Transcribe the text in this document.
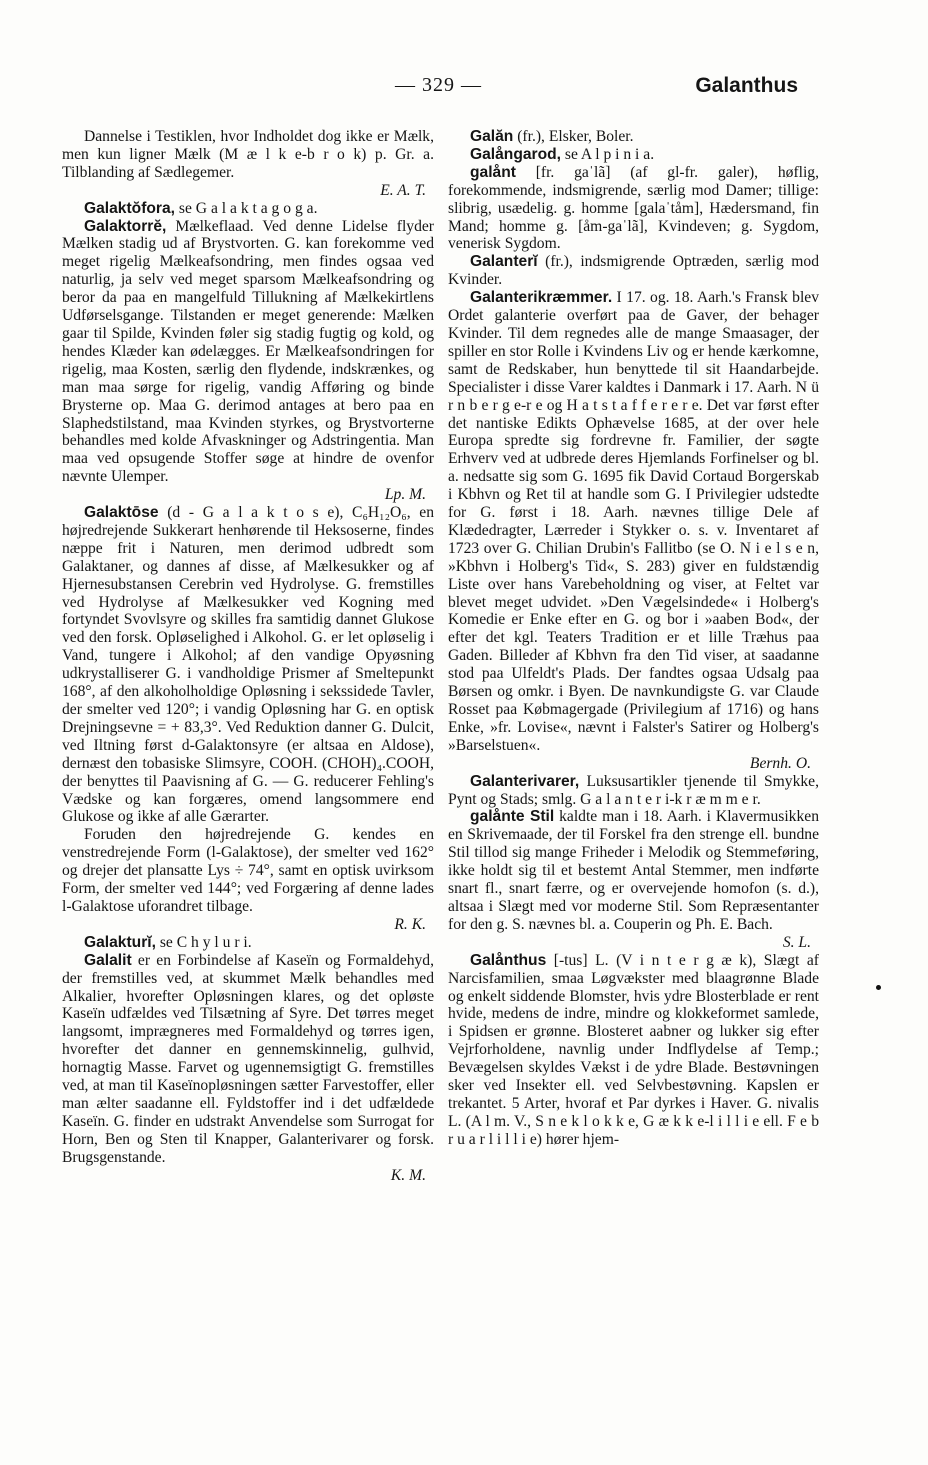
— 329 —	Galanthus

Dannelse i Testiklen, hvor Indholdet dog ikke er Mælk, men kun ligner Mælk (M æ l k e-b r o k) p. Gr. a. Tilblanding af Sædlegemer.
E. A. T.

Galaktŏfora, se G a l a k t a g o g a.

Galaktorrĕ, Mælkeflaad. Ved denne Lidelse flyder Mælken stadig ud af Brystvorten. G. kan forekomme ved meget rigelig Mælkeafsondring, men findes ogsaa ved naturlig, ja selv ved meget sparsom Mælkeafsondring og beror da paa en mangelfuld Tillukning af Mælkekirtlens Udførselsgange. Tilstanden er meget generende: Mælken gaar til Spilde, Kvinden føler sig stadig fugtig og kold, og hendes Klæder kan ødelægges. Er Mælkeafsondringen for rigelig, maa Kosten, særlig den flydende, indskrænkes, og man maa sørge for rigelig, vandig Afføring og binde Brysterne op. Maa G. derimod antages at bero paa en Slaphedstilstand, maa Kvinden styrkes, og Brystvorterne behandles med kolde Afvaskninger og Adstringentia. Man maa ved opsugende Stoffer søge at hindre de ovenfor nævnte Ulemper.
Lp. M.

Galaktōse (d - G a l a k t o s e), C₆H₁₂O₆, en højredrejende Sukkerart henhørende til Heksoserne, findes næppe frit i Naturen, men derimod udbredt som Galaktaner, og dannes af disse, af Mælkesukker og af Hjernesubstansen Cerebrin ved Hydrolyse. G. fremstilles ved Hydrolyse af Mælkesukker ved Kogning med fortyndet Svovlsyre og skilles fra samtidig dannet Glukose ved den forsk. Opløselighed i Alkohol. G. er let opløselig i Vand, tungere i Alkohol; af den vandige Opyøsning udkrystalliserer G. i vandholdige Prismer af Smeltepunkt 168°, af den alkoholholdige Opløsning i sekssidede Tavler, der smelter ved 120°; i vandig Opløsning har G. en optisk Drejningsevne = + 83,3°. Ved Reduktion danner G. Dulcit, ved Iltning først d-Galaktonsyre (er altsaa en Aldose), dernæst den tobasiske Slimsyre, COOH. (CHOH)₄.COOH, der benyttes til Paavisning af G. — G. reducerer Fehling's Vædske og kan forgæres, omend langsommere end Glukose og ikke af alle Gærarter.

Foruden den højredrejende G. kendes en venstredrejende Form (l-Galaktose), der smelter ved 162° og drejer det plansatte Lys ÷ 74°, samt en optisk uvirksom Form, der smelter ved 144°; ved Forgæring af denne lades l-Galaktose uforandret tilbage.
R. K.

Galakturĭ, se C h y l u r i.

Galalit er en Forbindelse af Kaseïn og Formaldehyd, der fremstilles ved, at skummet Mælk behandles med Alkalier, hvorefter Opløsningen klares, og det opløste Kaseïn udfældes ved Tilsætning af Syre. Det tørres meget langsomt, imprægneres med Formaldehyd og tørres igen, hvorefter det danner en gennemskinnelig, gulhvid, hornagtig Masse. Farvet og ugennemsigtigt G. fremstilles ved, at man til Kaseïnopløsningen sætter Farvestoffer, eller man ælter saadanne ell. Fyldstoffer ind i det udfældede Kaseïn. G. finder en udstrakt Anvendelse som Surrogat for Horn, Ben og Sten til Knapper, Galanterivarer og forsk. Brugsgenstande.
K. M.

Galăn (fr.), Elsker, Boler.

Galångarod, se A l p i n i a.

galånt [fr. gaˈlã] (af gl-fr. galer), høflig, forekommende, indsmigrende, særlig mod Damer; tillige: slibrig, usædelig. g. homme [galaˈtåm], Hædersmand, fin Mand; homme g. [åm-gaˈlã], Kvindeven; g. Sygdom, venerisk Sygdom.

Galanterĭ (fr.), indsmigrende Optræden, særlig mod Kvinder.

Galanterikræmmer. I 17. og. 18. Aarh.'s Fransk blev Ordet galanterie overført paa de Gaver, der behager Kvinder. Til dem regnedes alle de mange Smaasager, der spiller en stor Rolle i Kvindens Liv og er hende kærkomne, samt de Redskaber, hun benyttede til sit Haandarbejde. Specialister i disse Varer kaldtes i Danmark i 17. Aarh. N ü r n b e r g e-r e og H a t s t a f f e r e r e. Det var først efter det nantiske Edikts Ophævelse 1685, at der over hele Europa spredte sig fordrevne fr. Familier, der søgte Erhverv ved at udbrede deres Hjemlands Forfinelser og bl. a. nedsatte sig som G. 1695 fik David Cortaud Borgerskab i Kbhvn og Ret til at handle som G. I Privilegier udstedte for G. først i 18. Aarh. nævnes tillige Dele af Klædedragter, Lærreder i Stykker o. s. v. Inventaret af 1723 over G. Chilian Drubin's Fallitbo (se O. N i e l s e n, »Kbhvn i Holberg's Tid«, S. 283) giver en fuldstændig Liste over hans Varebeholdning og viser, at Feltet var blevet meget udvidet. »Den Vægelsindede« i Holberg's Komedie er Enke efter en G. og bor i »aaben Bod«, der efter det kgl. Teaters Tradition er et lille Træhus paa Gaden. Billeder af Kbhvn fra den Tid viser, at saadanne stod paa Ulfeldt's Plads. Der fandtes ogsaa Udsalg paa Børsen og omkr. i Byen. De navnkundigste G. var Claude Rosset paa Købmagergade (Privilegium af 1716) og hans Enke, »fr. Lovise«, nævnt i Falster's Satirer og Holberg's »Barselstuen«.
Bernh. O.

Galanterivarer, Luksusartikler tjenende til Smykke, Pynt og Stads; smlg. G a l a n t e r i-k r æ m m e r.

galånte Stil kaldte man i 18. Aarh. i Klavermusikken en Skrivemaade, der til Forskel fra den strenge ell. bundne Stil tillod sig mange Friheder i Melodik og Stemmeføring, ikke holdt sig til et bestemt Antal Stemmer, men indførte snart fl., snart færre, og er overvejende homofon (s. d.), altsaa i Slægt med vor moderne Stil. Som Repræsentanter for den g. S. nævnes bl. a. Couperin og Ph. E. Bach.
S. L.

Galånthus [-tus] L. (V i n t e r g æ k), Slægt af Narcisfamilien, smaa Løgvækster med blaagrønne Blade og enkelt siddende Blomster, hvis ydre Blosterblade er rent hvide, medens de indre, mindre og klokkeformet samlede, i Spidsen er grønne. Blosteret aabner og lukker sig efter Vejrforholdene, navnlig under Indflydelse af Temp.; Bevægelsen skyldes Vækst i de ydre Blade. Bestøvningen sker ved Insekter ell. ved Selvbestøvning. Kapslen er trekantet. 5 Arter, hvoraf et Par dyrkes i Haver. G. nivalis L. (A l m. V., S n e k l o k k e, G æ k k e-l i l l i e ell. F e b r u a r l i l l i e) hører hjem-
